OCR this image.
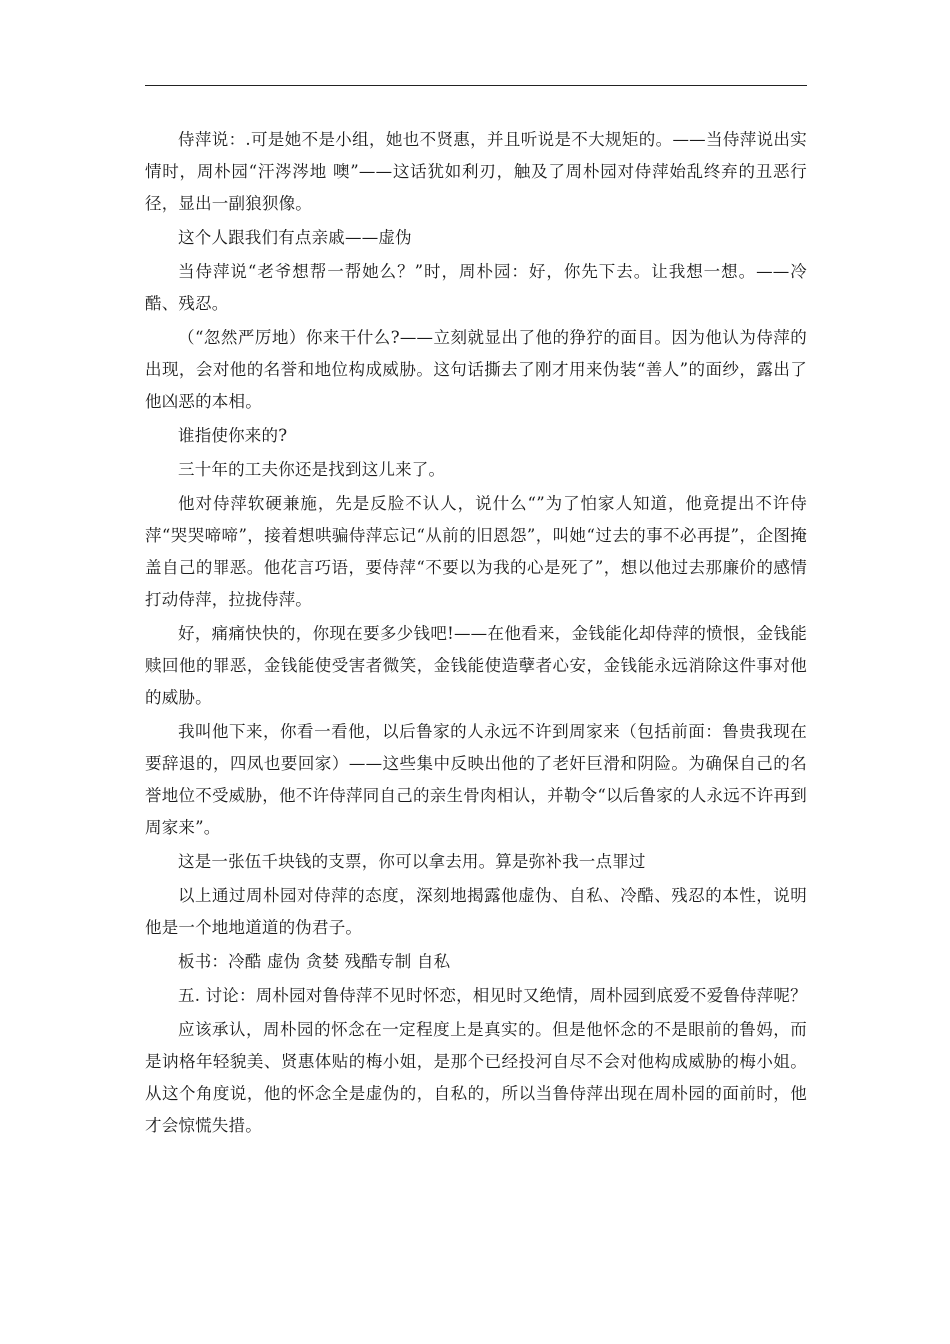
侍萍说：.可是她不是小组，她也不贤惠，并且听说是不大规矩的。——当侍萍说出实情时，周朴园“汗涔涔地 噢”——这话犹如利刃，触及了周朴园对侍萍始乱终弃的丑恶行径，显出一副狼狈像。

这个人跟我们有点亲戚——虚伪

当侍萍说“老爷想帮一帮她么？”时，周朴园：好，你先下去。让我想一想。——冷酷、残忍。

（“忽然严厉地）你来干什么?——立刻就显出了他的狰狞的面目。因为他认为侍萍的出现，会对他的名誉和地位构成威胁。这句话撕去了刚才用来伪装“善人”的面纱，露出了他凶恶的本相。

谁指使你来的?

三十年的工夫你还是找到这儿来了。

他对侍萍软硬兼施，先是反脸不认人，说什么“”为了怕家人知道，他竟提出不许侍萍“哭哭啼啼”，接着想哄骗侍萍忘记“从前的旧恩怨”，叫她“过去的事不必再提”，企图掩盖自己的罪恶。他花言巧语，要侍萍“不要以为我的心是死了”，想以他过去那廉价的感情打动侍萍，拉拢侍萍。

好，痛痛快快的，你现在要多少钱吧!——在他看来，金钱能化却侍萍的愤恨，金钱能赎回他的罪恶，金钱能使受害者微笑，金钱能使造孽者心安，金钱能永远消除这件事对他的威胁。

我叫他下来，你看一看他，以后鲁家的人永远不许到周家来（包括前面：鲁贵我现在要辞退的，四凤也要回家）——这些集中反映出他的了老奸巨滑和阴险。为确保自己的名誉地位不受威胁，他不许侍萍同自己的亲生骨肉相认，并勒令“以后鲁家的人永远不许再到周家来”。

这是一张伍千块钱的支票，你可以拿去用。算是弥补我一点罪过

以上通过周朴园对侍萍的态度，深刻地揭露他虚伪、自私、冷酷、残忍的本性，说明他是一个地地道道的伪君子。

板书：冷酷 虚伪 贪婪 残酷专制 自私

五. 讨论：周朴园对鲁侍萍不见时怀恋，相见时又绝情，周朴园到底爱不爱鲁侍萍呢？

应该承认，周朴园的怀念在一定程度上是真实的。但是他怀念的不是眼前的鲁妈，而是讷格年轻貌美、贤惠体贴的梅小姐，是那个已经投河自尽不会对他构成威胁的梅小姐。从这个角度说，他的怀念全是虚伪的，自私的，所以当鲁侍萍出现在周朴园的面前时，他才会惊慌失措。
